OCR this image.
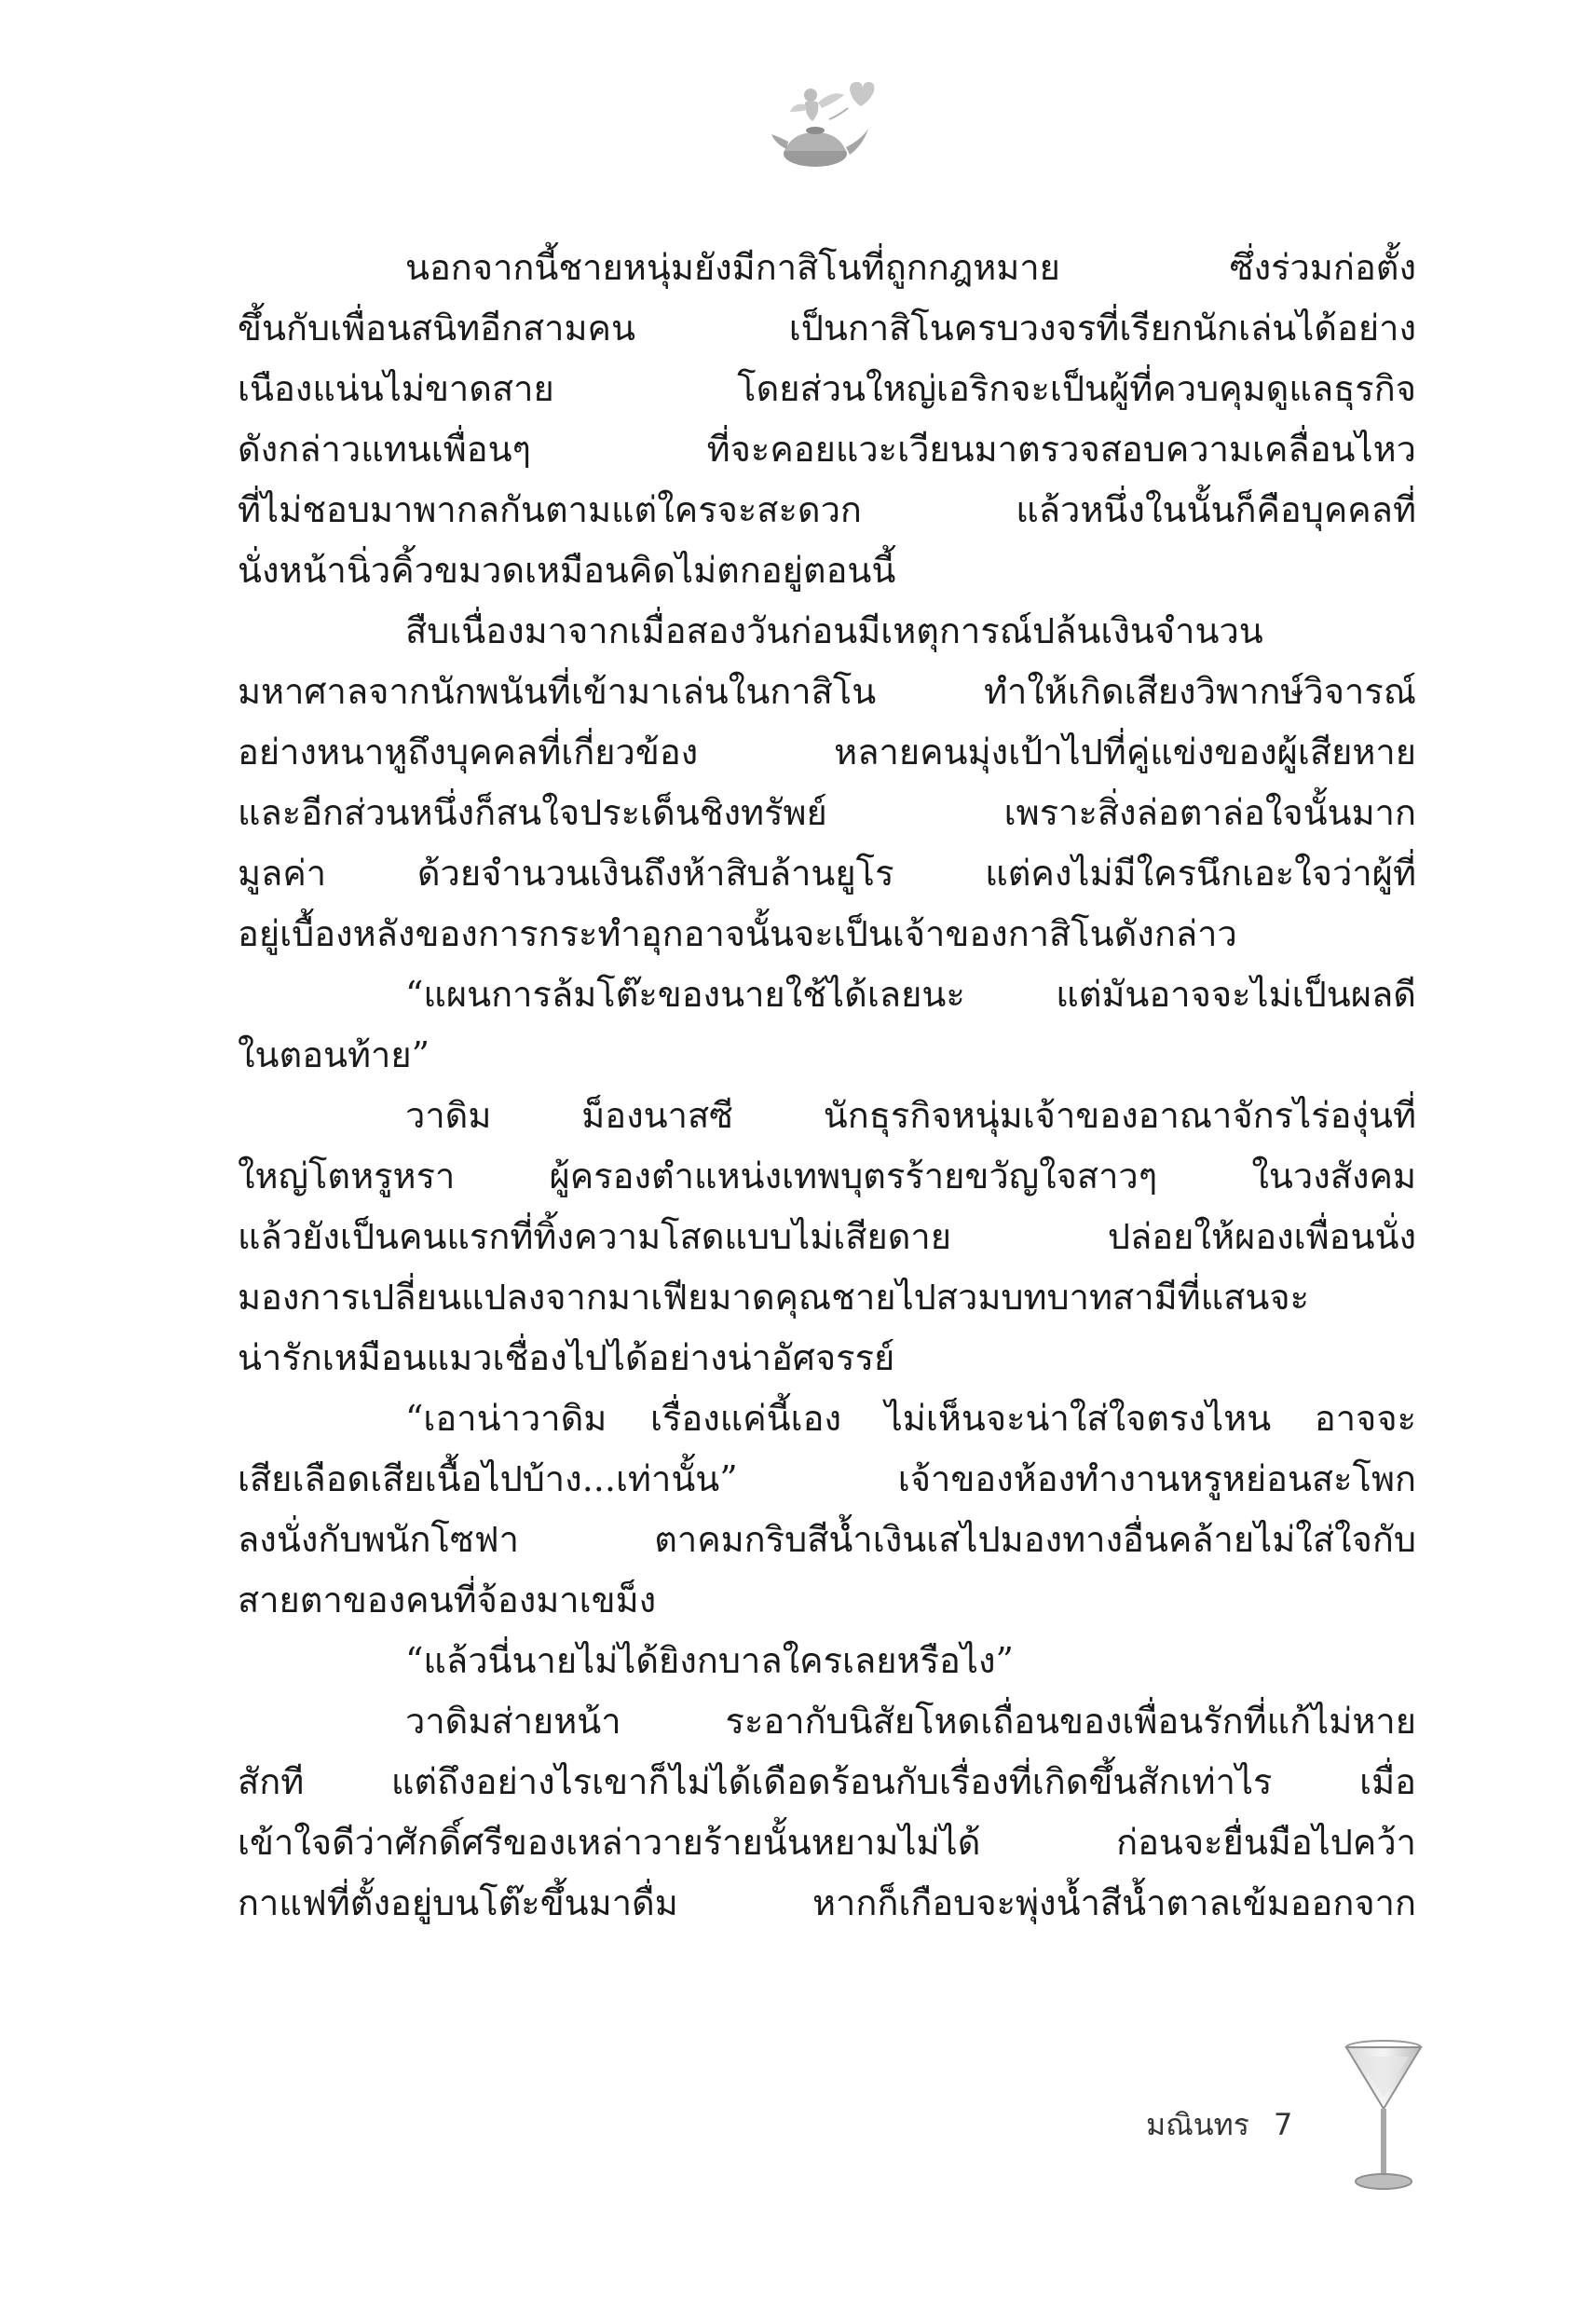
นอกจากนี้ชายหนุ่มยังมีกาสิโนที่ถูกกฎหมาย ซึ่งร่วมก่อตั้ง
ขึ้นกับเพื่อนสนิทอีกสามคน เป็นกาสิโนครบวงจรที่เรียกนักเล่นได้อย่าง
เนืองแน่นไม่ขาดสาย โดยส่วนใหญ่เอริกจะเป็นผู้ที่ควบคุมดูแลธุรกิจ
ดังกล่าวแทนเพื่อนๆ ที่จะคอยแวะเวียนมาตรวจสอบความเคลื่อนไหว
ที่ไม่ชอบมาพากลกันตามแต่ใครจะสะดวก แล้วหนึ่งในนั้นก็คือบุคคลที่
นั่งหน้านิ่วคิ้วขมวดเหมือนคิดไม่ตกอยู่ตอนนี้

สืบเนื่องมาจากเมื่อสองวันก่อนมีเหตุการณ์ปล้นเงินจำนวน
มหาศาลจากนักพนันที่เข้ามาเล่นในกาสิโน ทำให้เกิดเสียงวิพากษ์วิจารณ์
อย่างหนาหูถึงบุคคลที่เกี่ยวข้อง หลายคนมุ่งเป้าไปที่คู่แข่งของผู้เสียหาย
และอีกส่วนหนึ่งก็สนใจประเด็นชิงทรัพย์ เพราะสิ่งล่อตาล่อใจนั้นมาก
มูลค่า ด้วยจำนวนเงินถึงห้าสิบล้านยูโร แต่คงไม่มีใครนึกเอะใจว่าผู้ที่
อยู่เบื้องหลังของการกระทำอุกอาจนั้นจะเป็นเจ้าของกาสิโนดังกล่าว

“แผนการล้มโต๊ะของนายใช้ได้เลยนะ แต่มันอาจจะไม่เป็นผลดี
ในตอนท้าย”

วาดิม ม็องนาสซี นักธุรกิจหนุ่มเจ้าของอาณาจักรไร่องุ่นที่
ใหญ่โตหรูหรา ผู้ครองตำแหน่งเทพบุตรร้ายขวัญใจสาวๆ ในวงสังคม
แล้วยังเป็นคนแรกที่ทิ้งความโสดแบบไม่เสียดาย ปล่อยให้ผองเพื่อนนั่ง
มองการเปลี่ยนแปลงจากมาเฟียมาดคุณชายไปสวมบทบาทสามีที่แสนจะ
น่ารักเหมือนแมวเชื่องไปได้อย่างน่าอัศจรรย์

“เอาน่าวาดิม เรื่องแค่นี้เอง ไม่เห็นจะน่าใส่ใจตรงไหน อาจจะ
เสียเลือดเสียเนื้อไปบ้าง...เท่านั้น” เจ้าของห้องทำงานหรูหย่อนสะโพก
ลงนั่งกับพนักโซฟา ตาคมกริบสีน้ำเงินเสไปมองทางอื่นคล้ายไม่ใส่ใจกับ
สายตาของคนที่จ้องมาเขม็ง

“แล้วนี่นายไม่ได้ยิงกบาลใครเลยหรือไง”

วาดิมส่ายหน้า ระอากับนิสัยโหดเถื่อนของเพื่อนรักที่แก้ไม่หาย
สักที แต่ถึงอย่างไรเขาก็ไม่ได้เดือดร้อนกับเรื่องที่เกิดขึ้นสักเท่าไร เมื่อ
เข้าใจดีว่าศักดิ์ศรีของเหล่าวายร้ายนั้นหยามไม่ได้ ก่อนจะยื่นมือไปคว้า
กาแฟที่ตั้งอยู่บนโต๊ะขึ้นมาดื่ม หากก็เกือบจะพุ่งน้ำสีน้ำตาลเข้มออกจาก

มณินทร 7
